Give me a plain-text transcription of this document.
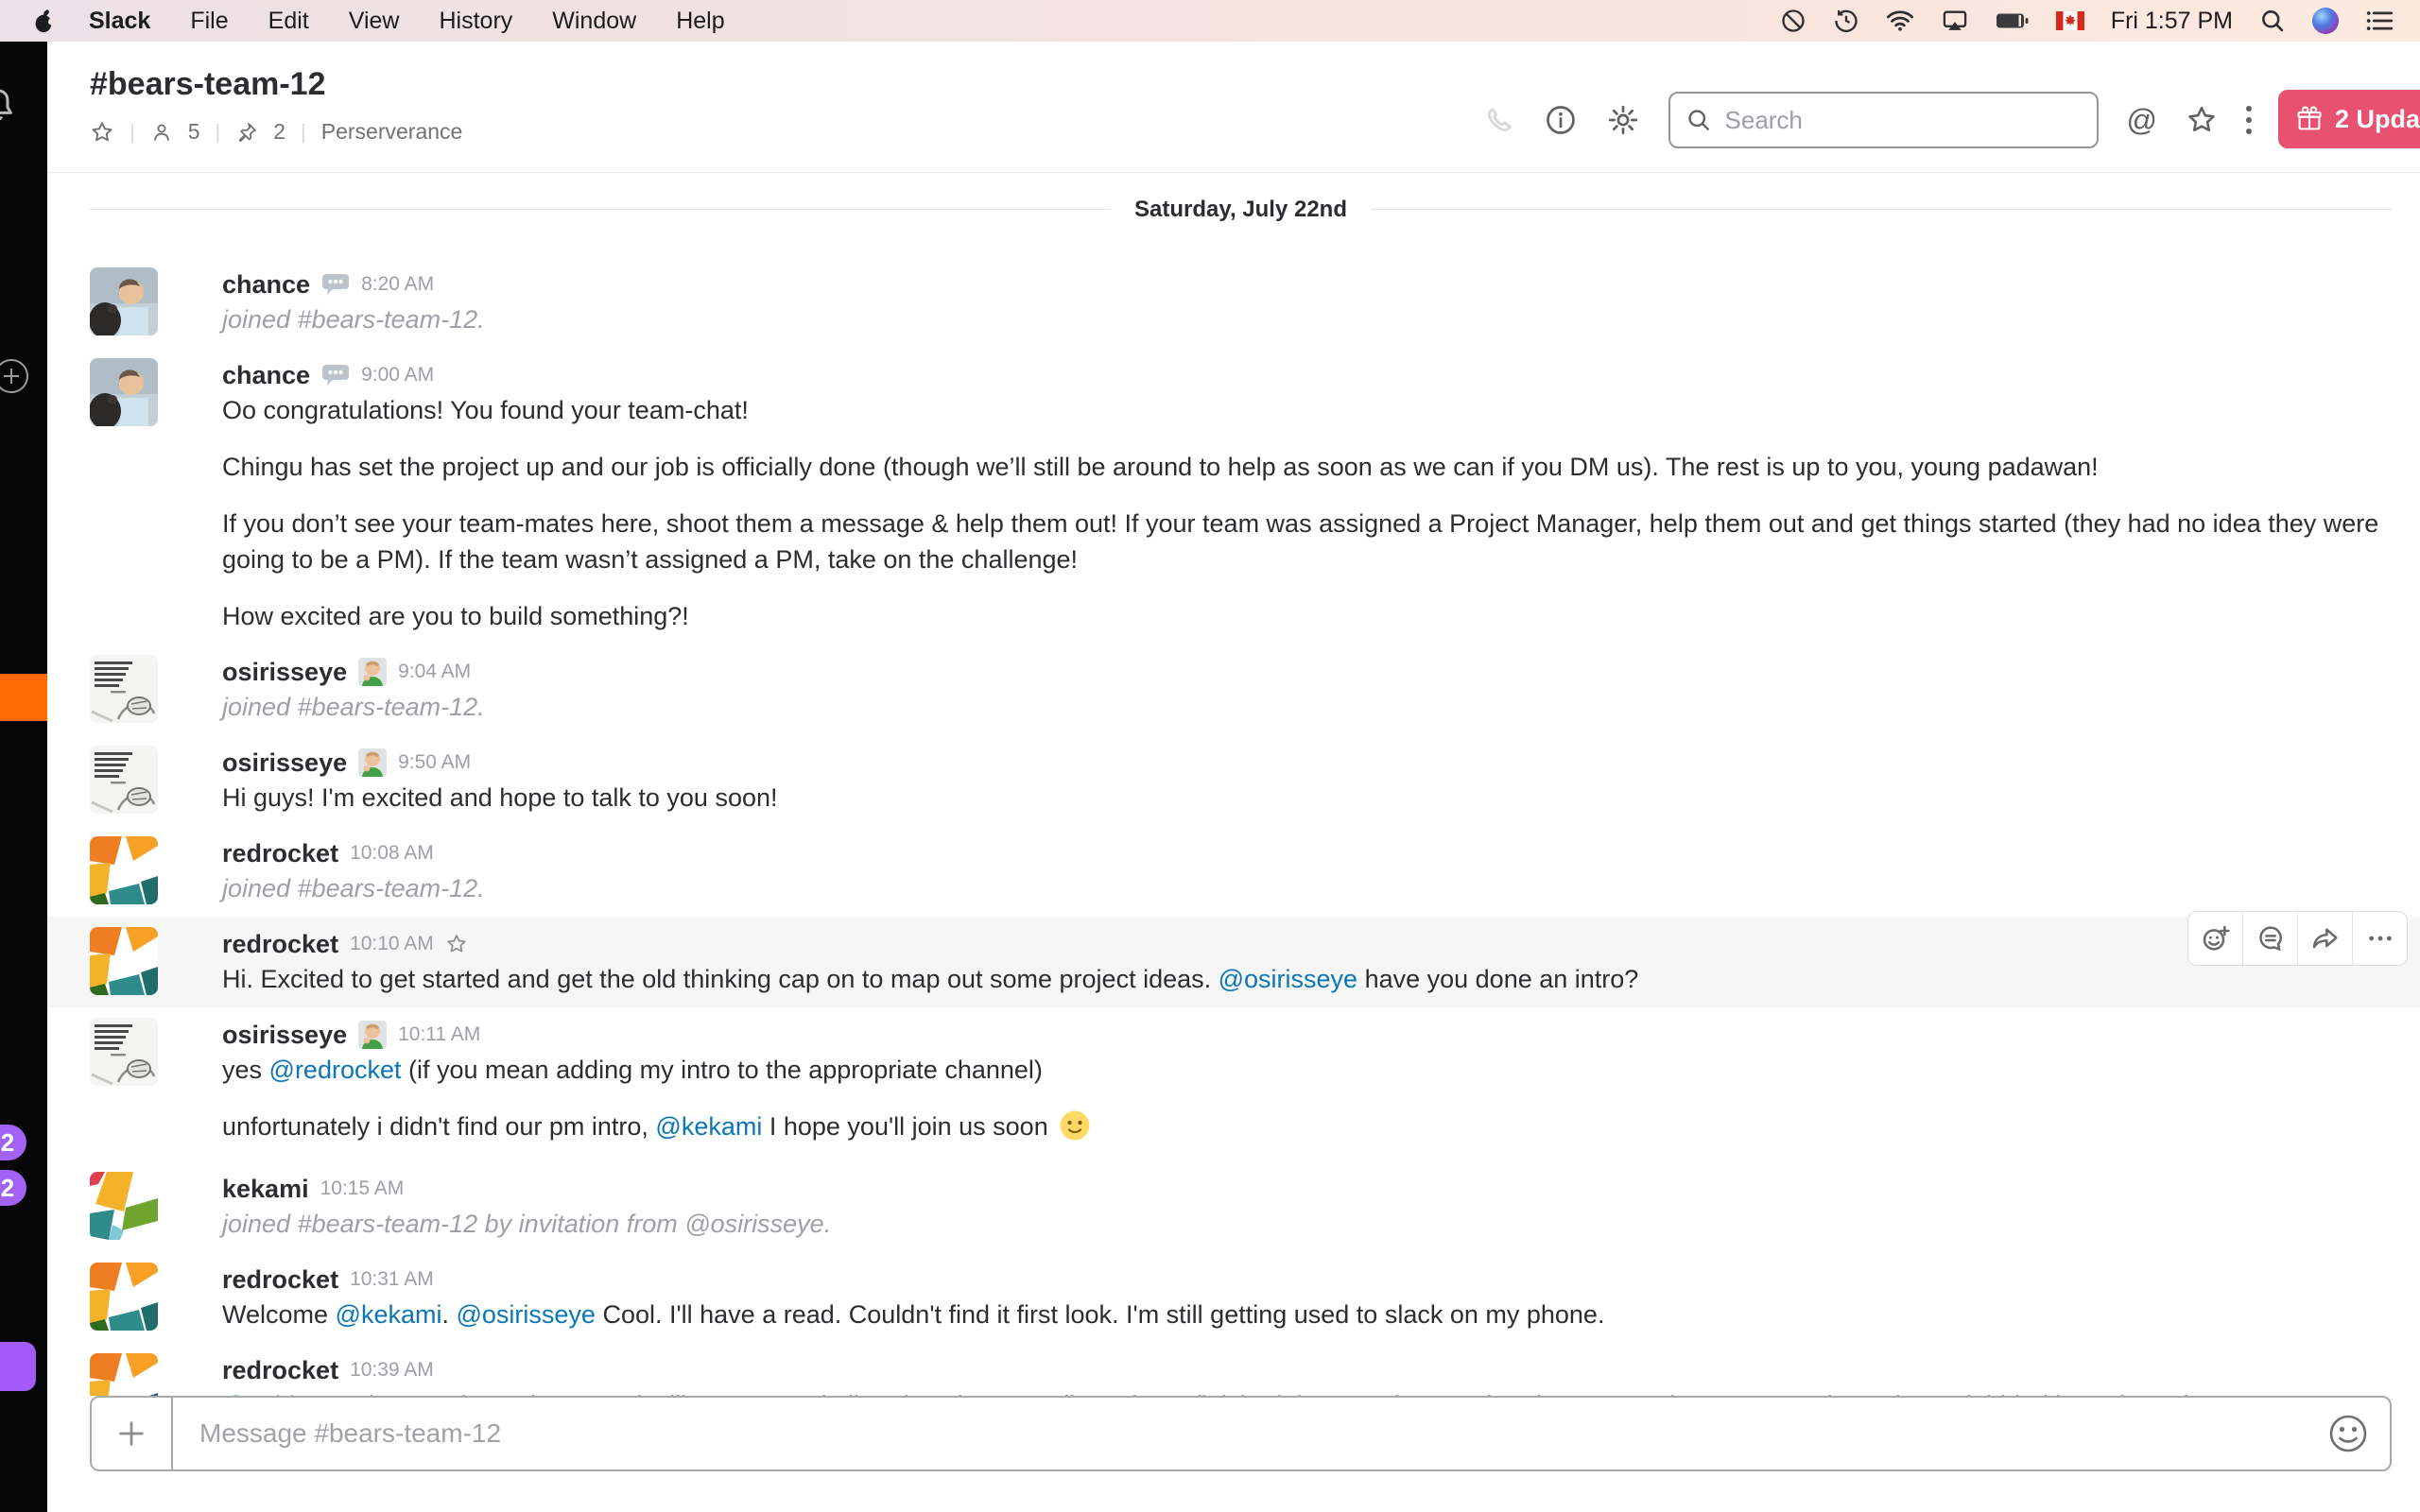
Slack File Edit View History Window Help	Fri 1:57 PM
2
2
#bears-team-12
| 5 | 2 | Perserverance
Search	@	2 Upda
Saturday, July 22nd
chance	8:20 AM
joined #bears-team-12.
chance	9:00 AM
Oo congratulations! You found your team-chat!
Chingu has set the project up and our job is officially done (though we’ll still be around to help as soon as we can if you DM us). The rest is up to you, young padawan!
If you don’t see your team-mates here, shoot them a message & help them out! If your team was assigned a Project Manager, help them out and get things started (they had no idea they were going to be a PM). If the team wasn’t assigned a PM, take on the challenge!
How excited are you to build something?!
osirisseye	9:04 AM
joined #bears-team-12.
osirisseye	9:50 AM
Hi guys! I'm excited and hope to talk to you soon!
redrocket 10:08 AM
joined #bears-team-12.
redrocket 10:10 AM
Hi. Excited to get started and get the old thinking cap on to map out some project ideas. @osirisseye have you done an intro?
osirisseye	10:11 AM
yes @redrocket (if you mean adding my intro to the appropriate channel)
unfortunately i didn't find our pm intro, @kekami I hope you'll join us soon
kekami 10:15 AM
joined #bears-team-12 by invitation from @osirisseye.
redrocket 10:31 AM
Welcome @kekami. @osirisseye Cool. I'll have a read. Couldn't find it first look. I'm still getting used to slack on my phone.
redrocket 10:39 AM
Message #bears-team-12
